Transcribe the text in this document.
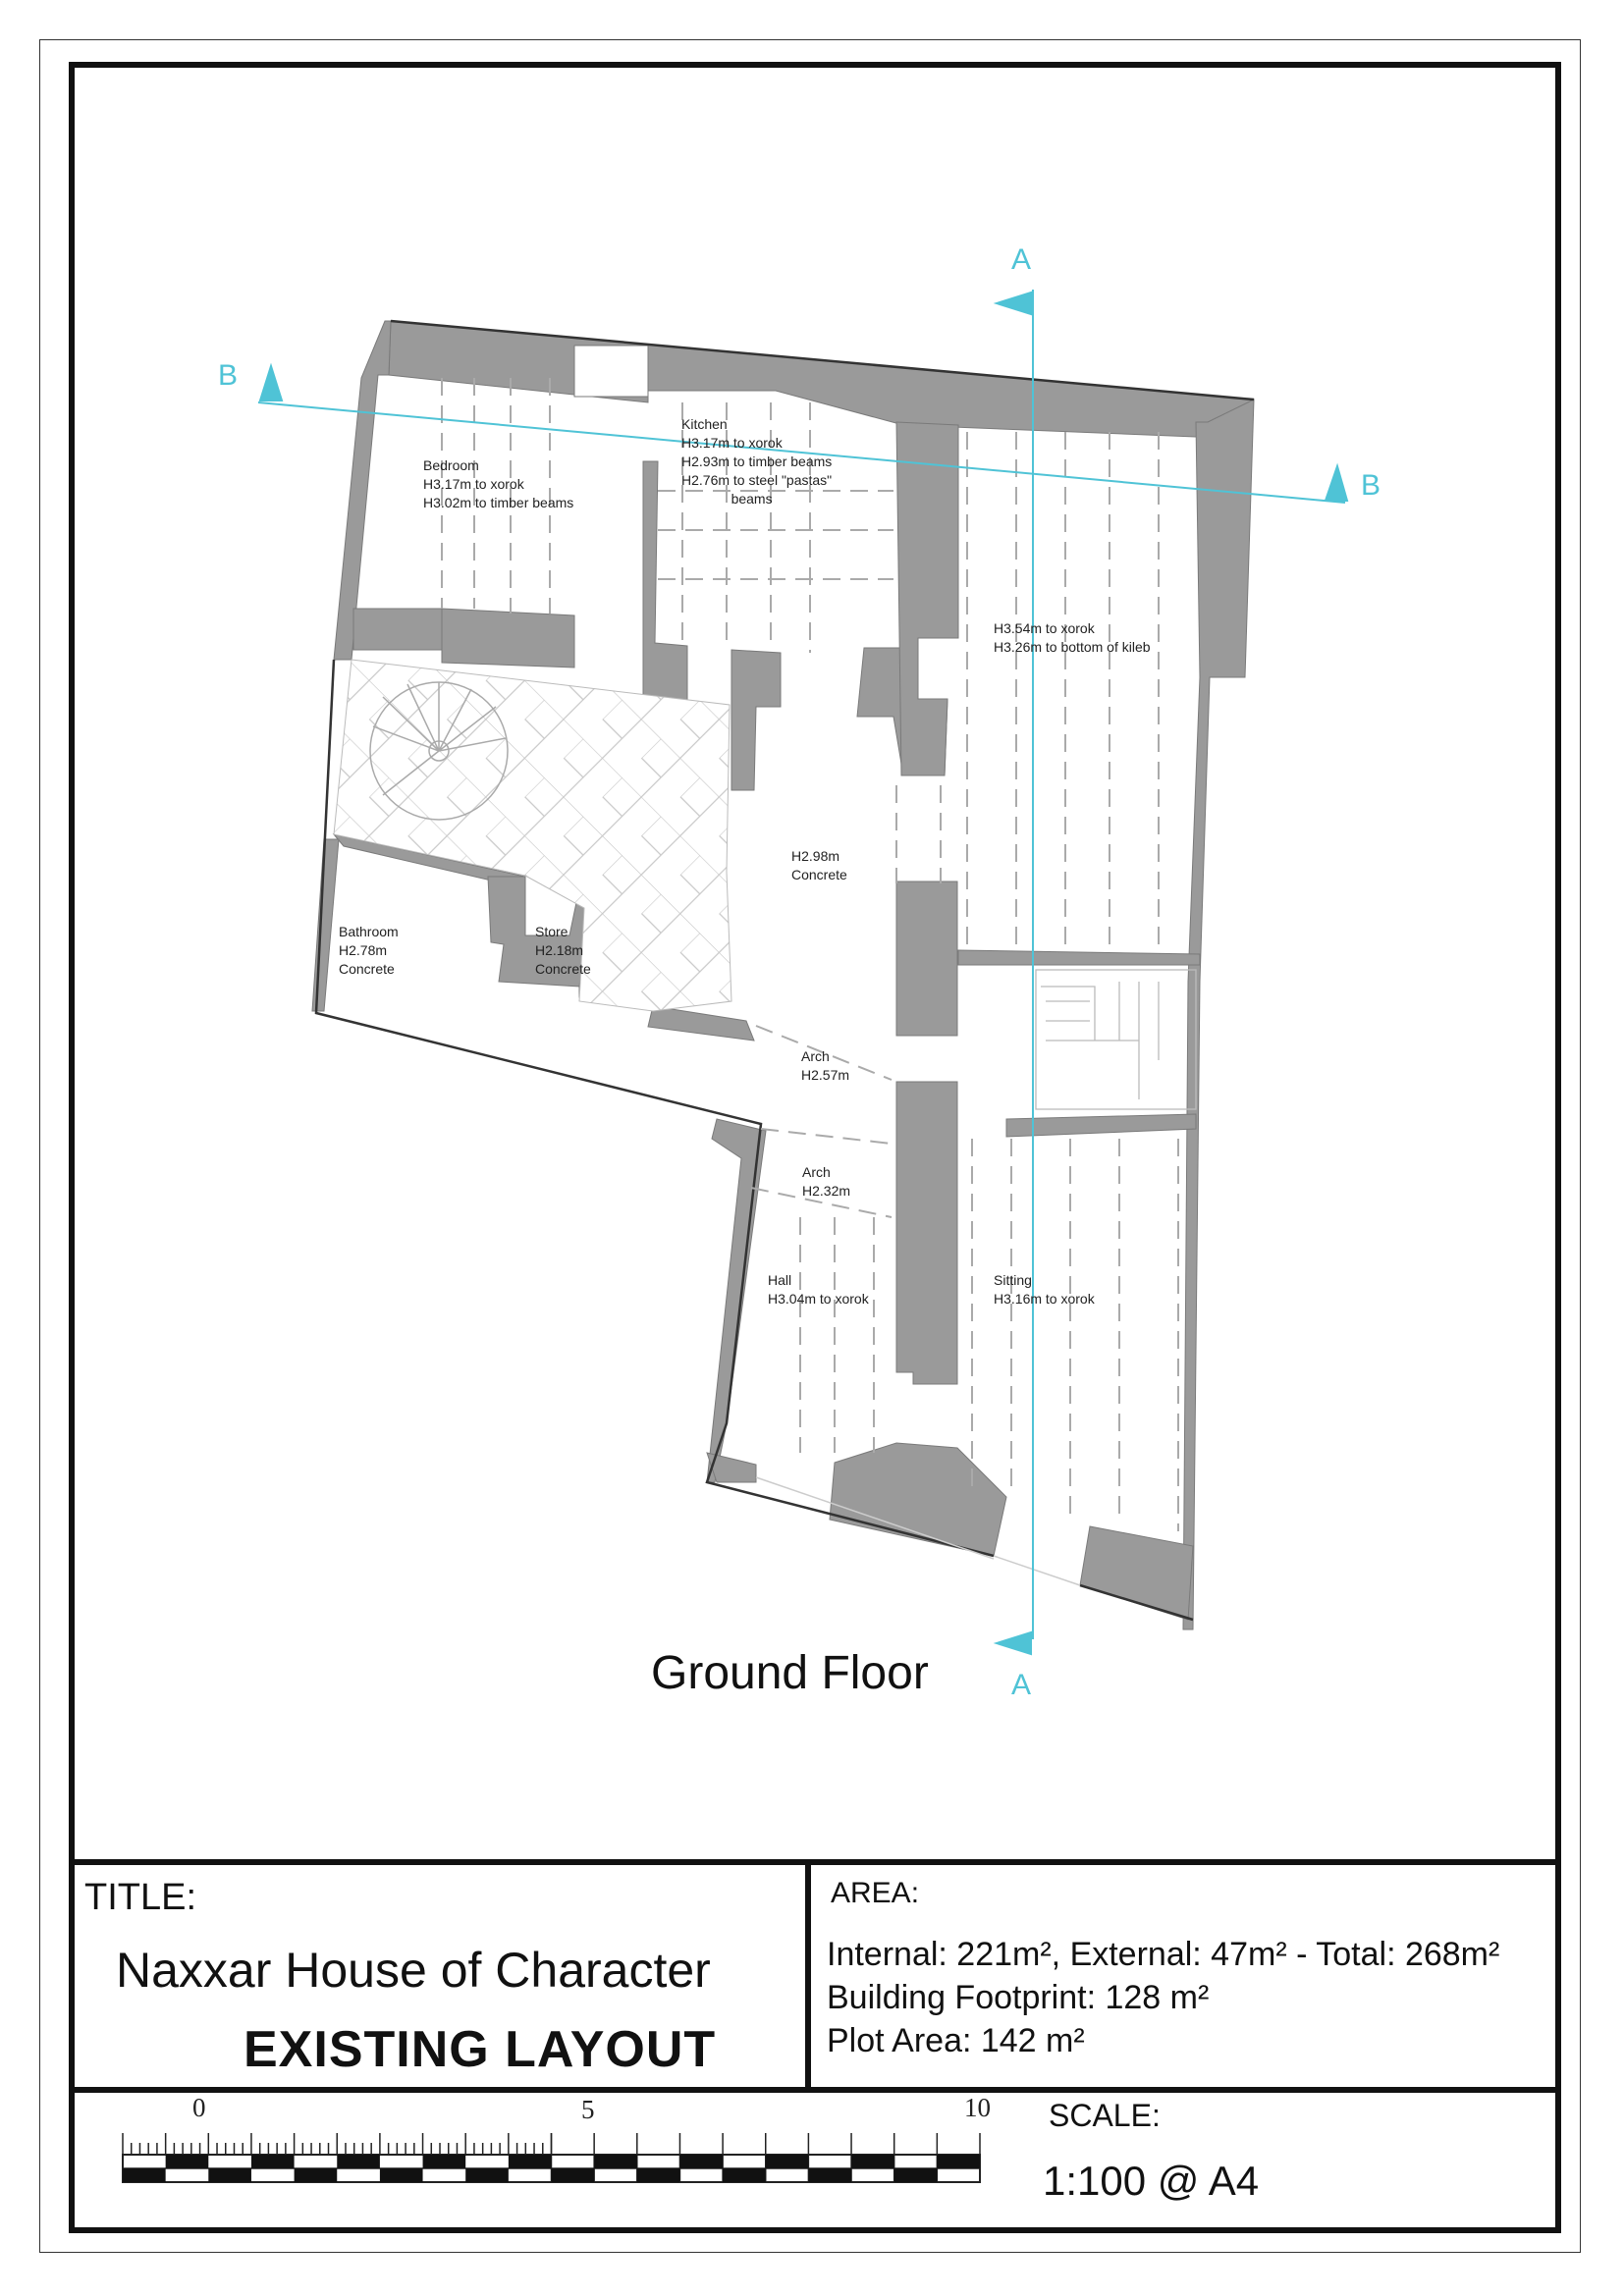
A
A
B
B
Bedroom
H3.17m to xorok
H3.02m to timber beams
Kitchen
H3.17m to xorok
H2.93m to timber beams
H2.76m to steel "pastas"
beams
H3.54m to xorok
H3.26m to bottom of kileb
H2.98m
Concrete
Bathroom
H2.78m
Concrete
Store
H2.18m
Concrete
Arch
H2.57m
Arch
H2.32m
Hall
H3.04m to xorok
Sitting
H3.16m to xorok
Ground Floor
TITLE:
Naxxar House of Character
EXISTING LAYOUT
AREA:
Internal: 221m², External: 47m² - Total: 268m²
Building Footprint: 128 m²
Plot Area: 142 m²
0	5	10 SCALE:
1:100 @ A4
